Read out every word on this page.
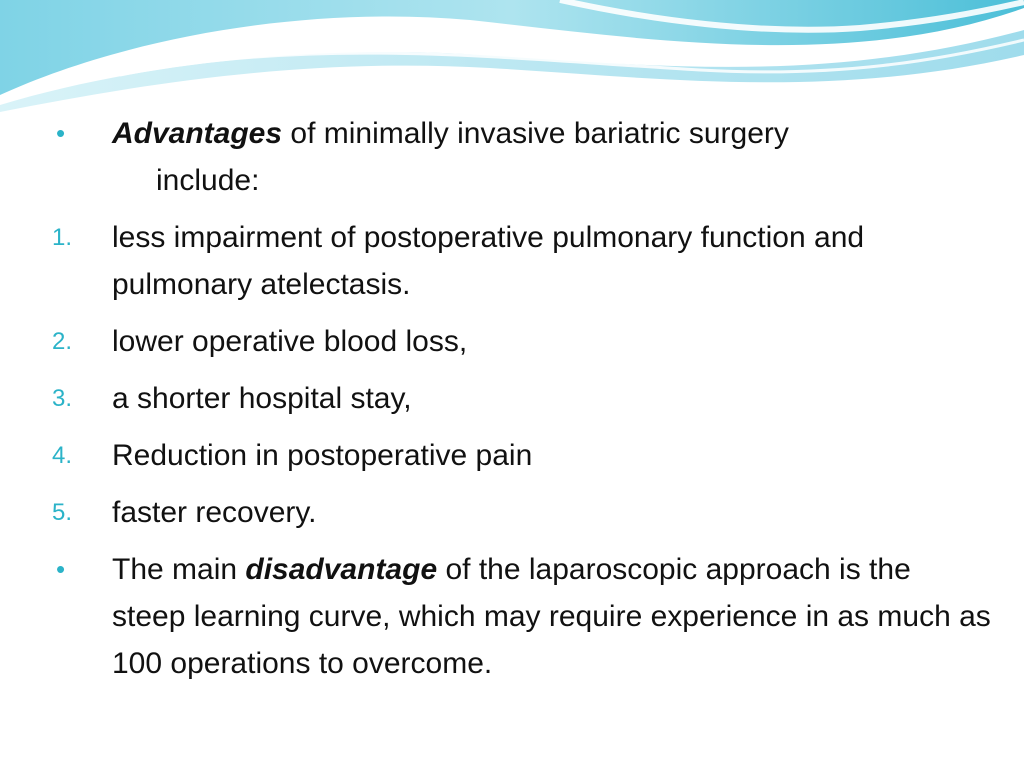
• Advantages of minimally invasive bariatric surgery
include:
1. less impairment of postoperative pulmonary function and pulmonary atelectasis.
2. lower operative blood loss,
3. a shorter hospital stay,
4. Reduction in postoperative pain
5. faster recovery.
• The main disadvantage of the laparoscopic approach is the steep learning curve, which may require experience in as much as 100 operations to overcome.
